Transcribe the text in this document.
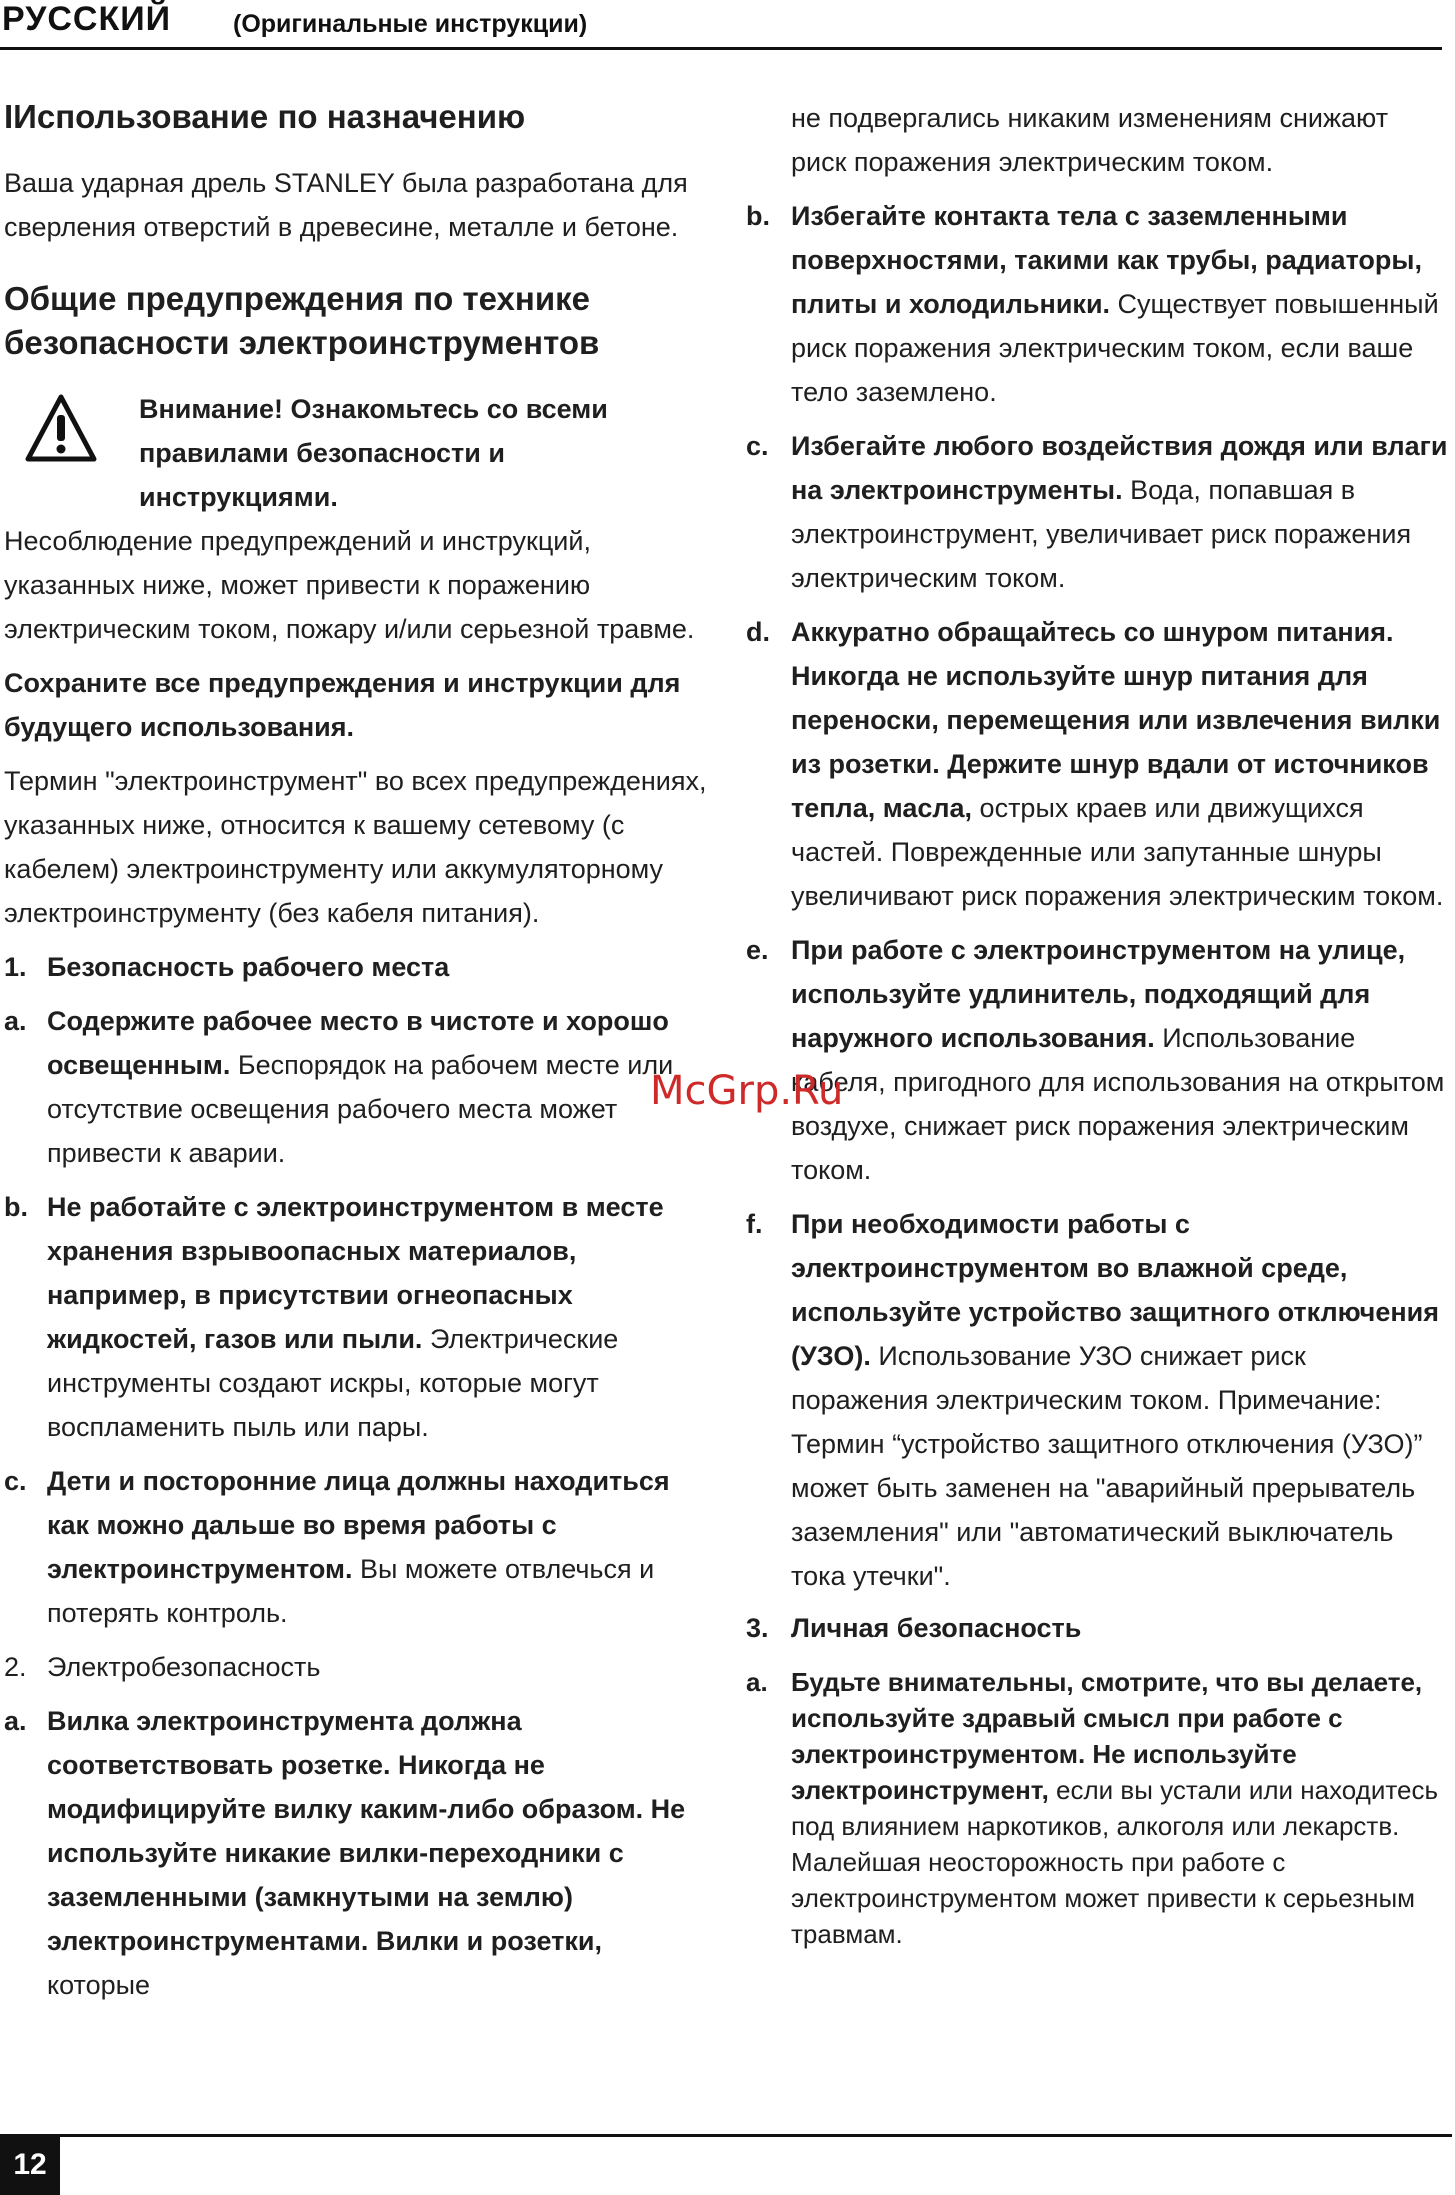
РУССКИЙ (Оригинальные инструкции)
IИспользование по назначению

Ваша ударная дрель STANLEY была разработана для сверления отверстий в древесине, металле и бетоне.

Общие предупреждения по технике безопасности электроинструментов
Внимание! Ознакомьтесь со всеми правилами безопасности и инструкциями.

Несоблюдение предупреждений и инструкций, указанных ниже, может привести к поражению электрическим током, пожару и/или серьезной травме.

Сохраните все предупреждения и инструкции для будущего использования.

Термин "электроинструмент" во всех предупреждениях, указанных ниже, относится к вашему сетевому (с кабелем) электроинструменту или аккумуляторному электроинструменту (без кабеля питания).

1. Безопасность рабочего места
a. Содержите рабочее место в чистоте и хорошо освещенным. Беспорядок на рабочем месте или отсутствие освещения рабочего места может привести к аварии.
b. Не работайте с электроинструментом в месте хранения взрывоопасных материалов, например, в присутствии огнеопасных жидкостей, газов или пыли. Электрические инструменты создают искры, которые могут воспламенить пыль или пары.
c. Дети и посторонние лица должны находиться как можно дальше во время работы с электроинструментом. Вы можете отвлечься и потерять контроль.
2. Электробезопасность
a. Вилка электроинструмента должна соответствовать розетке. Никогда не модифицируйте вилку каким-либо образом. Не используйте никакие вилки-переходники с заземленными (замкнутыми на землю) электроинструментами. Вилки и розетки, которые
не подвергались никаким изменениям снижают риск поражения электрическим током.
b. Избегайте контакта тела с заземленными поверхностями, такими как трубы, радиаторы, плиты и холодильники. Существует повышенный риск поражения электрическим током, если ваше тело заземлено.
c. Избегайте любого воздействия дождя или влаги на электроинструменты. Вода, попавшая в электроинструмент, увеличивает риск поражения электрическим током.
d. Аккуратно обращайтесь со шнуром питания. Никогда не используйте шнур питания для переноски, перемещения или извлечения вилки из розетки. Держите шнур вдали от источников тепла, масла, острых краев или движущихся частей. Поврежденные или запутанные шнуры увеличивают риск поражения электрическим током.
e. При работе с электроинструментом на улице, используйте удлинитель, подходящий для наружного использования. Использование кабеля, пригодного для использования на открытом воздухе, снижает риск поражения электрическим током.
f. При необходимости работы с электроинструментом во влажной среде, используйте устройство защитного отключения (УЗО). Использование УЗО снижает риск поражения электрическим током. Примечание: Термин “устройство защитного отключения (УЗО)” может быть заменен на "аварийный прерыватель заземления" или "автоматический выключатель тока утечки".
3. Личная безопасность
a. Будьте внимательны, смотрите, что вы делаете, используйте здравый смысл при работе с электроинструментом. Не используйте электроинструмент, если вы устали или находитесь под влиянием наркотиков, алкоголя или лекарств. Малейшая неосторожность при работе с электроинструментом может привести к серьезным травмам.
McGrp.Ru
12
